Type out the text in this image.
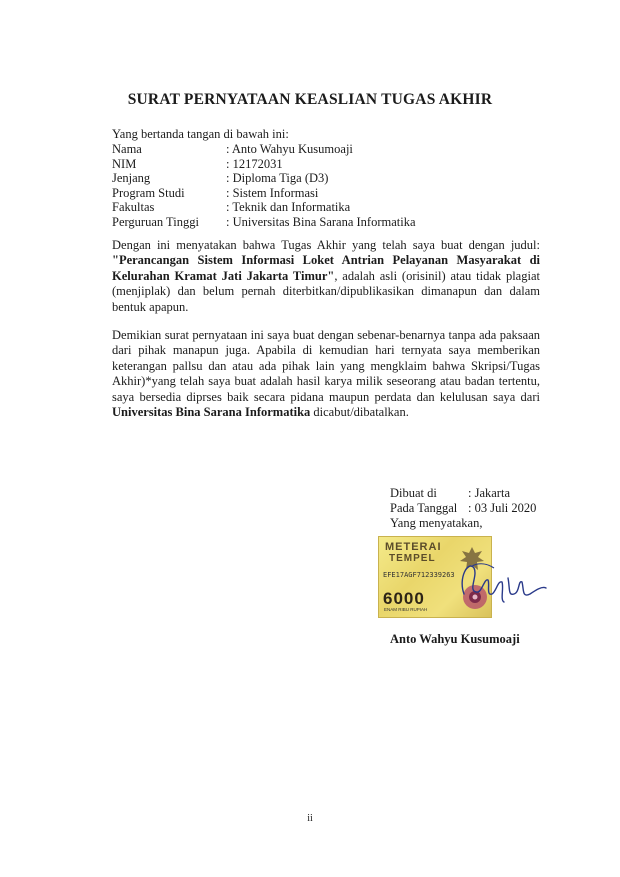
SURAT PERNYATAAN KEASLIAN TUGAS AKHIR
Yang bertanda tangan di bawah ini:
Nama	: Anto Wahyu Kusumoaji
NIM	: 12172031
Jenjang	: Diploma Tiga (D3)
Program Studi	: Sistem Informasi
Fakultas	: Teknik dan Informatika
Perguruan Tinggi	: Universitas Bina Sarana Informatika
Dengan ini menyatakan bahwa Tugas Akhir yang telah saya buat dengan judul: "Perancangan Sistem Informasi Loket Antrian Pelayanan Masyarakat di Kelurahan Kramat Jati Jakarta Timur", adalah asli (orisinil) atau tidak plagiat (menjiplak) dan belum pernah diterbitkan/dipublikasikan dimanapun dan dalam bentuk apapun.
Demikian surat pernyataan ini saya buat dengan sebenar-benarnya tanpa ada paksaan dari pihak manapun juga. Apabila di kemudian hari ternyata saya memberikan keterangan pallsu dan atau ada pihak lain yang mengklaim bahwa Skripsi/Tugas Akhir)*yang telah saya buat adalah hasil karya milik seseorang atau badan tertentu, saya bersedia diprses baik secara pidana maupun perdata dan kelulusan saya dari Universitas Bina Sarana Informatika dicabut/dibatalkan.
Dibuat di	: Jakarta
Pada Tanggal : 03 Juli 2020
Yang menyatakan,
METERAI
TEMPEL
EFE17AGF712339263
6000
ENAM RIBU RUPIAH
Anto Wahyu Kusumoaji
ii
